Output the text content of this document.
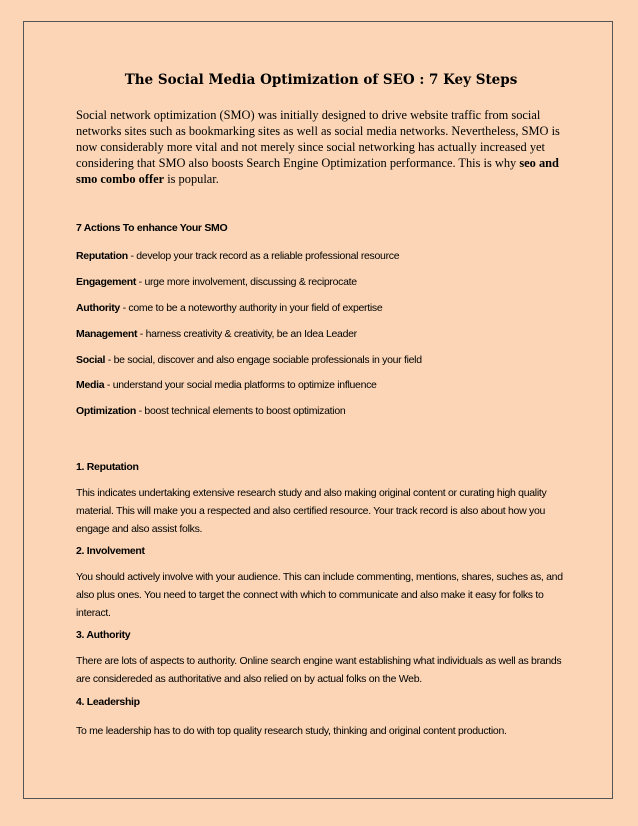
The Social Media Optimization of SEO : 7 Key Steps

Social network optimization (SMO) was initially designed to drive website traffic from social networks sites such as bookmarking sites as well as social media networks. Nevertheless, SMO is now considerably more vital and not merely since social networking has actually increased yet considering that SMO also boosts Search Engine Optimization performance. This is why seo and smo combo offer is popular.

7 Actions To enhance Your SMO
Reputation - develop your track record as a reliable professional resource
Engagement - urge more involvement, discussing & reciprocate
Authority - come to be a noteworthy authority in your field of expertise
Management - harness creativity & creativity, be an Idea Leader
Social - be social, discover and also engage sociable professionals in your field
Media - understand your social media platforms to optimize influence
Optimization - boost technical elements to boost optimization
1. Reputation
This indicates undertaking extensive research study and also making original content or curating high quality material. This will make you a respected and also certified resource. Your track record is also about how you engage and also assist folks.
2. Involvement
You should actively involve with your audience. This can include commenting, mentions, shares, suches as, and also plus ones. You need to target the connect with which to communicate and also make it easy for folks to interact.
3. Authority
There are lots of aspects to authority. Online search engine want establishing what individuals as well as brands are considereded as authoritative and also relied on by actual folks on the Web.
4. Leadership
To me leadership has to do with top quality research study, thinking and original content production.
